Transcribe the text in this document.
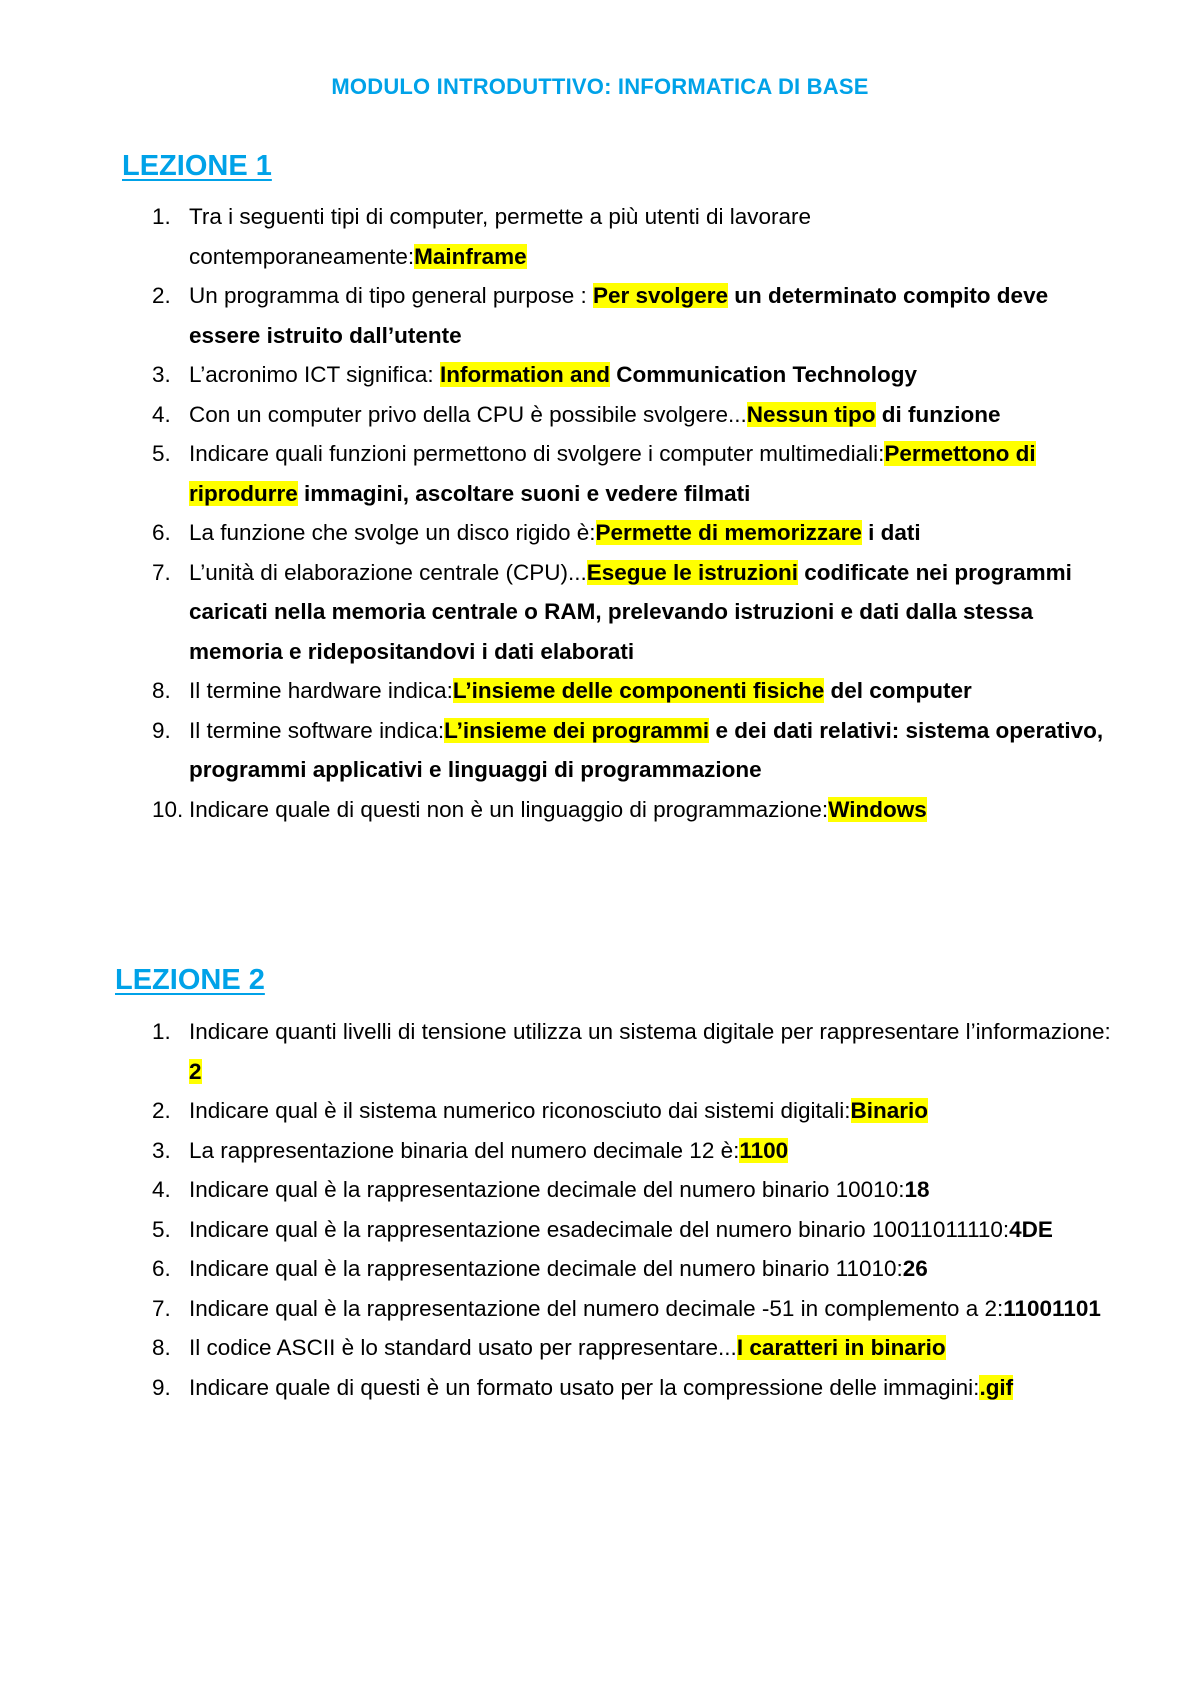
MODULO INTRODUTTIVO: INFORMATICA DI BASE
LEZIONE 1
1. Tra i seguenti tipi di computer, permette a più utenti di lavorare contemporaneamente:Mainframe
2. Un programma di tipo general purpose : Per svolgere un determinato compito deve essere istruito dall’utente
3. L’acronimo ICT significa: Information and Communication Technology
4. Con un computer privo della CPU è possibile svolgere...Nessun tipo di funzione
5. Indicare quali funzioni permettono di svolgere i computer multimediali:Permettono di riprodurre immagini, ascoltare suoni e vedere filmati
6. La funzione che svolge un disco rigido è:Permette di memorizzare i dati
7. L’unità di elaborazione centrale (CPU)...Esegue le istruzioni codificate nei programmi caricati nella memoria centrale o RAM, prelevando istruzioni e dati dalla stessa memoria e ridepositandovi i dati elaborati
8. Il termine hardware indica:L’insieme delle componenti fisiche del computer
9. Il termine software indica:L’insieme dei programmi e dei dati relativi: sistema operativo, programmi applicativi e linguaggi di programmazione
10. Indicare quale di questi non è un linguaggio di programmazione:Windows
LEZIONE 2
1. Indicare quanti livelli di tensione utilizza un sistema digitale per rappresentare l’informazione: 2
2. Indicare qual è il sistema numerico riconosciuto dai sistemi digitali:Binario
3. La rappresentazione binaria del numero decimale 12 è:1100
4. Indicare qual è la rappresentazione decimale del numero binario 10010:18
5. Indicare qual è la rappresentazione esadecimale del numero binario 10011011110:4DE
6. Indicare qual è la rappresentazione decimale del numero binario 11010:26
7. Indicare qual è la rappresentazione del numero decimale -51 in complemento a 2:11001101
8. Il codice ASCII è lo standard usato per rappresentare...I caratteri in binario
9. Indicare quale di questi è un formato usato per la compressione delle immagini:.gif
